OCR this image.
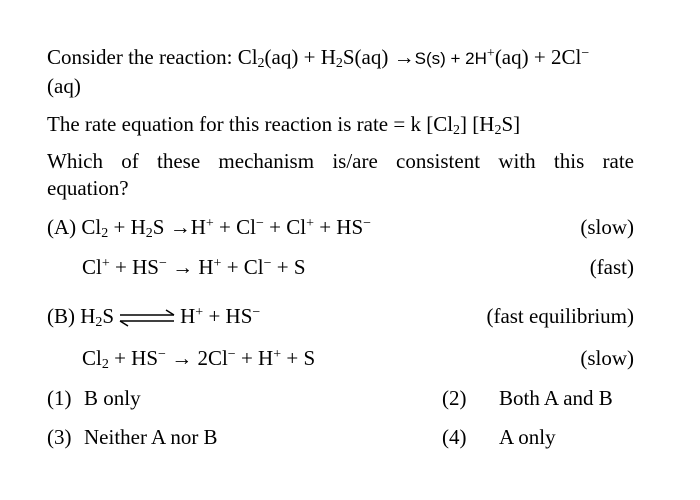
Consider the reaction: $Cl_2(aq) + H_2S(aq) \to S(s) + 2H^+(aq) + 2Cl^-$
(aq)
The rate equation for this reaction is rate = k $[Cl_2]$ $[H_2S]$
Which of these mechanism is/are consistent with this rate
equation?
(A) $Cl_2 + H_2S \to H^+ + Cl^- + Cl^+ + HS^-$	(slow)
Cl+ + HS− → H+ + Cl− + S	(fast)
(B) $H_2S$ ⇌ H+ + HS−	(fast equilibrium)
$Cl_2 + HS^- \to 2Cl^- + H^+ + S$	(slow)
(1) B only	(2) Both A and B
(3) Neither A nor B	(4) A only
